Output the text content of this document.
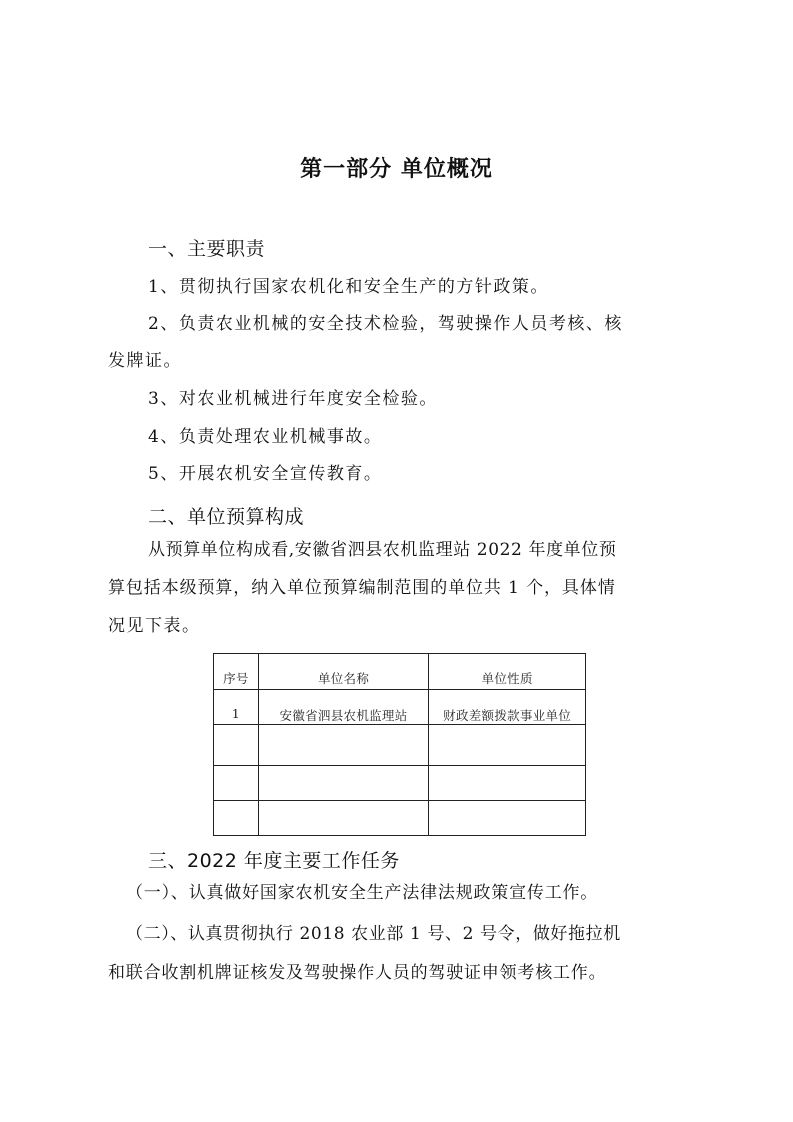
第一部分 单位概况
一、主要职责
1、贯彻执行国家农机化和安全生产的方针政策。
2、负责农业机械的安全技术检验，驾驶操作人员考核、核
发牌证。
3、对农业机械进行年度安全检验。
4、负责处理农业机械事故。
5、开展农机安全宣传教育。
二、单位预算构成
从预算单位构成看,安徽省泗县农机监理站 2022 年度单位预
算包括本级预算，纳入单位预算编制范围的单位共 1 个，具体情
况见下表。
序号	单位名称	单位性质
1	安徽省泗县农机监理站	财政差额拨款事业单位

三、2022 年度主要工作任务
（一）、认真做好国家农机安全生产法律法规政策宣传工作。
（二）、认真贯彻执行 2018 农业部 1 号、2 号令，做好拖拉机
和联合收割机牌证核发及驾驶操作人员的驾驶证申领考核工作。
